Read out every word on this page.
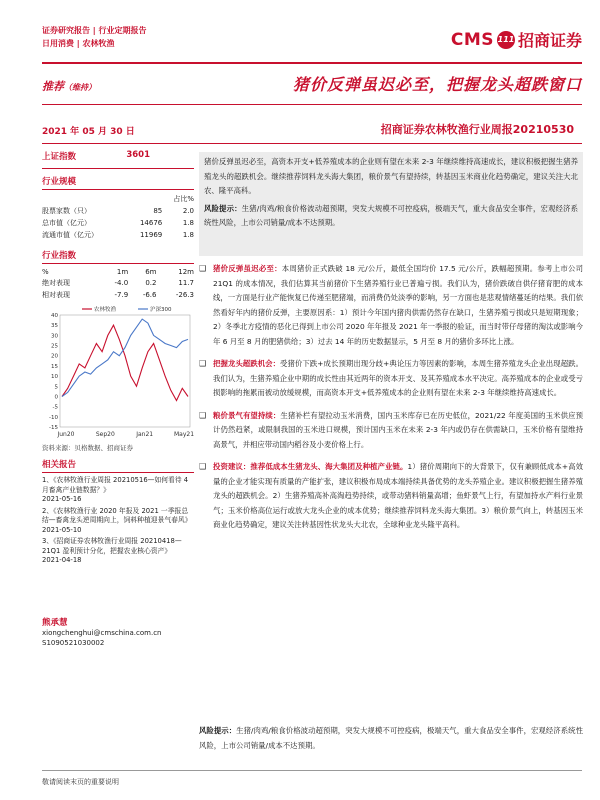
证券研究报告 | 行业定期报告
日用消费 | 农林牧渔	CMS 111 招商证券
推荐（维持）	猪价反弹虽迟必至，把握龙头超跌窗口
2021 年 05 月 30 日	招商证券农林牧渔行业周报20210530
上证指数	3601
行业规模
		占比%
股票家数（只）	85	2.0
总市值（亿元）	14676	1.8
流通市值（亿元）	11969	1.8
行业指数
%	1m	6m	12m
绝对表现	-4.0	0.2	11.7
相对表现	-7.9	-6.6	-26.3
-15
-10
-5
0
5
10
15
20
25
30
35
40
Jun20	Sep20	Jan21	May21
农林牧渔	沪深300
资料来源：贝格数据、招商证券
相关报告
1、《农林牧渔行业周报 20210516—如何看待 4 月畜禽产业链数据？》
2021-05-16
2、《农林牧渔行业 2020 年报及 2021 一季报总结—畜禽龙头逆周期向上，饲料种植迎景气春风》
2021-05-10
3、《招商证券农林牧渔行业周报 20210418—21Q1 盈利预计分化，把握农业核心资产》
2021-04-18
熊承慧
xiongchenghui@cmschina.com.cn
S1090521030002
猪价反弹虽迟必至，高资本开支+低养殖成本的企业则有望在未来 2-3 年继续维持高速成长，建议积极把握生猪养殖龙头的超跌机会。继续推荐饲料龙头海大集团，粮价景气有望持续，转基因玉米商业化趋势确定，建议关注大北农、隆平高科。
风险提示：生猪/肉鸡/粮食价格波动超预期，突发大规模不可控疫病，极端天气，重大食品安全事件，宏观经济系统性风险，上市公司销量/成本不达预期。
❑ 猪价反弹虽迟必至：本周猪价正式跌破 18 元/公斤，最低全国均价 17.5 元/公斤，跌幅超预期。参考上市公司 21Q1 的成本情况，我们估算其当前猪价下生猪养殖行业已普遍亏损。我们认为，猪价跌破自供仔猪育肥的成本线，一方面是行业产能恢复已传递至肥猪端，而消费仍处淡季的影响，另一方面也是悲观情绪蔓延的结果。我们依然看好年内的猪价反弹，主要原因系：1）预计今年国内猪肉供需仍然存在缺口，生猪养殖亏损或只是短期现象；2）冬季北方疫情的恶化已得到上市公司 2020 年年报及 2021 年一季报的验证，而当时带仔母猪的淘汰或影响今年 6 月至 8 月的肥猪供给；3）过去 14 年的历史数据显示，5 月至 8 月的猪价多环比上涨。
❑ 把握龙头超跌机会：受猪价下跌+成长预期出现分歧+典论压力等因素的影响，本周生猪养殖龙头企业出现超跌。我们认为，生猪养殖企业中期的成长性由其近两年的资本开支、及其养殖成本水平决定。高养殖成本的企业或受亏损影响的拖累而被动放缓规模，而高资本开支+低养殖成本的企业则有望在未来 2-3 年继续维持高速成长。
❑ 粮价景气有望持续：生猪补栏有望拉动玉米消费，国内玉米库存已在历史低位，2021/22 年度美国的玉米供应预计仍然趋紧，或限制我国的玉米进口规模，预计国内玉米在未来 2-3 年内或仍存在供需缺口，玉米价格有望维持高景气，并相应带动国内稻谷及小麦价格上行。
❑ 投资建议：推荐低成本生猪龙头、海大集团及种植产业链。1）猪价周期向下的大背景下，仅有兼顾低成本+高效量的企业才能实现有质量的产能扩张，建议积极布局成本端持续具备优势的龙头养殖企业。建议积极把握生猪养殖龙头的超跌机会。2）生猪养殖高补高淘趋势持续，或带动猪料销量高增；鱼虾景气上行，有望加持水产料行业景气；玉米价格高位运行或放大龙头企业的成本优势；继续推荐饲料龙头海大集团。3）粮价景气向上，转基因玉米商业化趋势确定，建议关注转基因性状龙头大北农，全球种业龙头隆平高科。
风险提示：生猪/肉鸡/粮食价格波动超预期，突发大规模不可控疫病，极端天气，重大食品安全事件，宏观经济系统性风险，上市公司销量/成本不达预期。
敬请阅读末页的重要说明
